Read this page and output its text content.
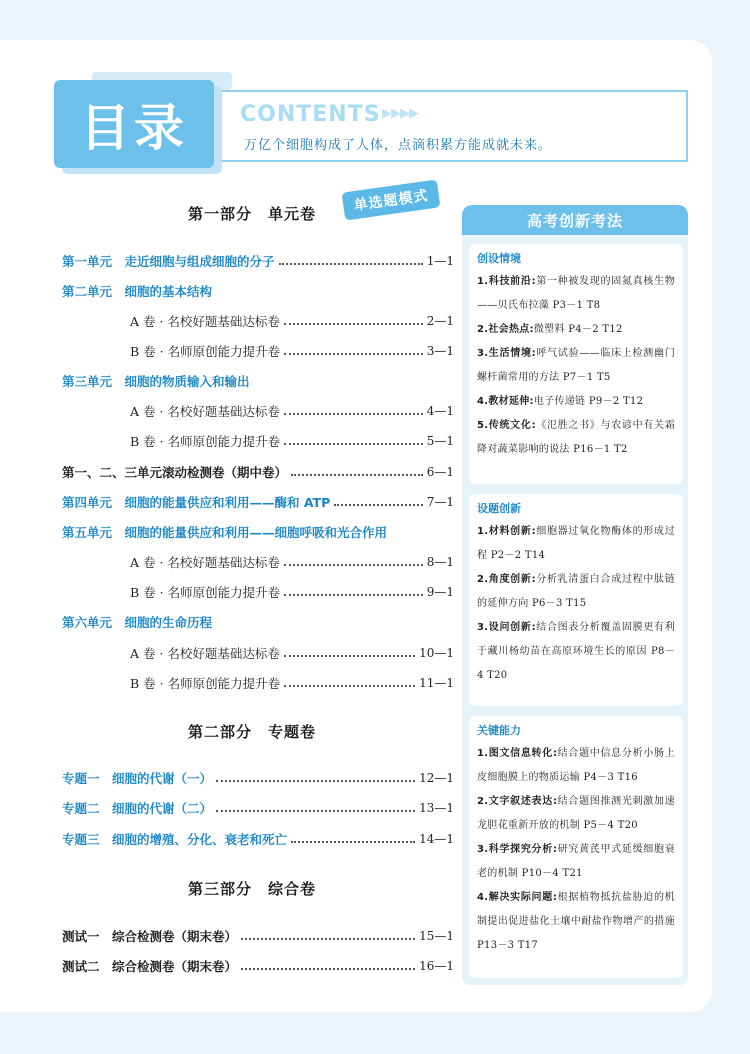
目录	CONTENTS ▶▶▶▶
万亿个细胞构成了人体，点滴积累方能成就未来。
第一部分　单元卷	单选题模式
第二部分　专题卷
第三部分　综合卷
第一单元　走近细胞与组成细胞的分子	1—1
第二单元　细胞的基本结构
A 卷 · 名校好题基础达标卷	2—1
B 卷 · 名师原创能力提升卷	3—1
第三单元　细胞的物质输入和输出
A 卷 · 名校好题基础达标卷	4—1
B 卷 · 名师原创能力提升卷	5—1
第一、二、三单元滚动检测卷（期中卷）	6—1
第四单元　细胞的能量供应和利用——酶和 ATP	7—1
第五单元　细胞的能量供应和利用——细胞呼吸和光合作用
A 卷 · 名校好题基础达标卷	8—1
B 卷 · 名师原创能力提升卷	9—1
第六单元　细胞的生命历程
A 卷 · 名校好题基础达标卷	10—1
B 卷 · 名师原创能力提升卷	11—1
专题一　细胞的代谢（一）	12—1
专题二　细胞的代谢（二）	13—1
专题三　细胞的增殖、分化、衰老和死亡	14—1
测试一　综合检测卷（期末卷）	15—1
测试二　综合检测卷（期末卷）	16—1
高考创新考法
创设情境
1.科技前沿:第一种被发现的固氮真核生物——贝氏布拉藻 P3－1 T8
2.社会热点:微塑料 P4－2 T12
3.生活情境:呼气试验——临床上检测幽门螺杆菌常用的方法 P7－1 T5
4.教材延伸:电子传递链 P9－2 T12
5.传统文化:《氾胜之书》与农谚中有关霜降对蔬菜影响的说法 P16－1 T2
设题创新
1.材料创新:细胞器过氧化物酶体的形成过程 P2－2 T14
2.角度创新:分析乳清蛋白合成过程中肽链的延伸方向 P6－3 T15
3.设问创新:结合图表分析覆盖固膜更有利于藏川杨幼苗在高原环境生长的原因 P8－4 T20
关键能力
1.图文信息转化:结合题中信息分析小肠上皮细胞膜上的物质运输 P4－3 T16
2.文字叙述表达:结合题图推测光刺激加速龙胆花重新开放的机制 P5－4 T20
3.科学探究分析:研究黄芪甲式延缓细胞衰老的机制 P10－4 T21
4.解决实际问题:根据植物抵抗盐胁迫的机制提出促进盐化土壤中耐盐作物增产的措施 P13－3 T17
